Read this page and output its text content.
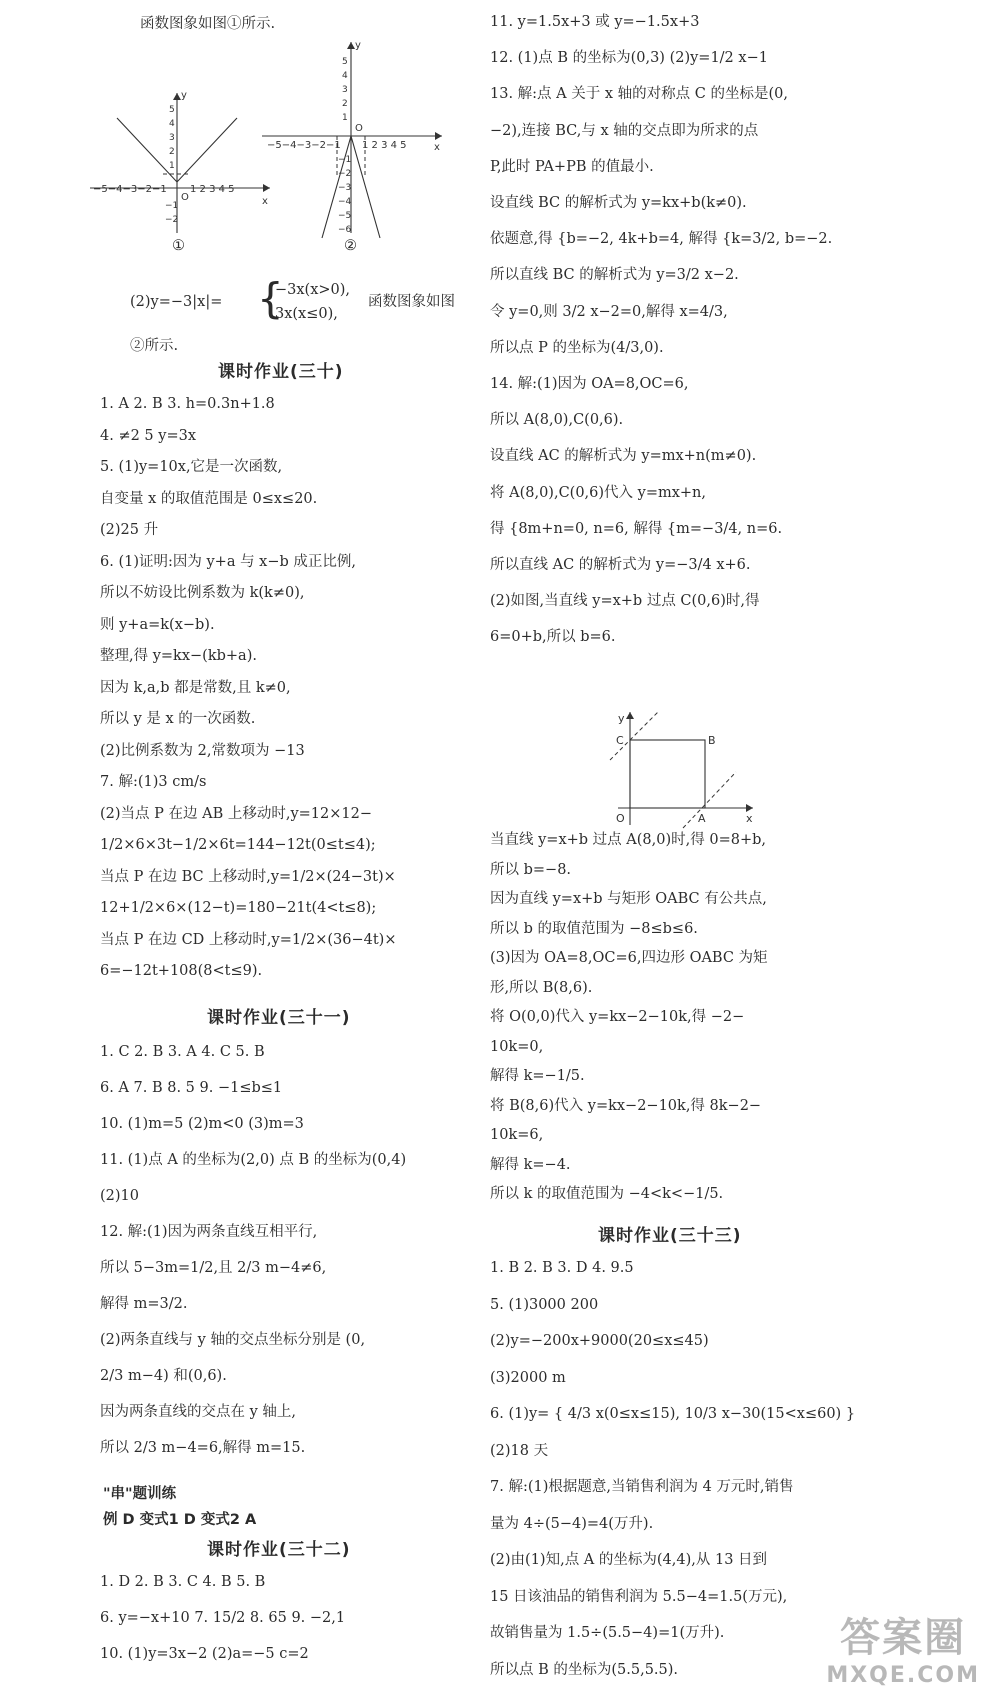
函数图象如图①所示.
x
y
−5−4−3−2−1
O
1 2 3 4 5
5
4
3
2
1
−1
−2
①
x
y
−5−4−3−2−1
O
1 2 3 4 5
5
4
3
2
1
−1
−2
−3
−4
−5
−6
②
(2)y=−3|x|= {
−3x(x>0),
3x(x≤0),
函数图象如图
②所示.
课时作业(三十)
1. A 2. B 3. h=0.3n+1.8
4. ≠2 5 y=3x
5. (1)y=10x,它是一次函数,
自变量 x 的取值范围是 0≤x≤20.
(2)25 升
6. (1)证明:因为 y+a 与 x−b 成正比例,
所以不妨设比例系数为 k(k≠0),
则 y+a=k(x−b).
整理,得 y=kx−(kb+a).
因为 k,a,b 都是常数,且 k≠0,
所以 y 是 x 的一次函数.
(2)比例系数为 2,常数项为 −13
7. 解:(1)3 cm/s
(2)当点 P 在边 AB 上移动时,y=12×12−
1/2×6×3t−1/2×6t=144−12t(0≤t≤4);
当点 P 在边 BC 上移动时,y=1/2×(24−3t)×
12+1/2×6×(12−t)=180−21t(4<t≤8);
当点 P 在边 CD 上移动时,y=1/2×(36−4t)×
6=−12t+108(8<t≤9).
课时作业(三十一)
1. C 2. B 3. A 4. C 5. B
6. A 7. B 8. 5 9. −1≤b≤1
10. (1)m=5 (2)m<0 (3)m=3
11. (1)点 A 的坐标为(2,0) 点 B 的坐标为(0,4)
(2)10
12. 解:(1)因为两条直线互相平行,
所以 5−3m=1/2,且 2/3 m−4≠6,
解得 m=3/2.
(2)两条直线与 y 轴的交点坐标分别是 (0,
2/3 m−4) 和(0,6).
因为两条直线的交点在 y 轴上,
所以 2/3 m−4=6,解得 m=15.
"串"题训练
例 D 变式1 D 变式2 A
课时作业(三十二)
1. D 2. B 3. C 4. B 5. B
6. y=−x+10 7. 15/2 8. 65 9. −2,1
10. (1)y=3x−2 (2)a=−5 c=2
11. y=1.5x+3 或 y=−1.5x+3
12. (1)点 B 的坐标为(0,3) (2)y=1/2 x−1
13. 解:点 A 关于 x 轴的对称点 C 的坐标是(0,
−2),连接 BC,与 x 轴的交点即为所求的点
P,此时 PA+PB 的值最小.
设直线 BC 的解析式为 y=kx+b(k≠0).
依题意,得 {b=−2, 4k+b=4, 解得 {k=3/2, b=−2.
所以直线 BC 的解析式为 y=3/2 x−2.
令 y=0,则 3/2 x−2=0,解得 x=4/3,
所以点 P 的坐标为(4/3,0).
14. 解:(1)因为 OA=8,OC=6,
所以 A(8,0),C(0,6).
设直线 AC 的解析式为 y=mx+n(m≠0).
将 A(8,0),C(0,6)代入 y=mx+n,
得 {8m+n=0, n=6, 解得 {m=−3/4, n=6.
所以直线 AC 的解析式为 y=−3/4 x+6.
(2)如图,当直线 y=x+b 过点 C(0,6)时,得
6=0+b,所以 b=6.
y
x
C	B
O	A
当直线 y=x+b 过点 A(8,0)时,得 0=8+b,
所以 b=−8.
因为直线 y=x+b 与矩形 OABC 有公共点,
所以 b 的取值范围为 −8≤b≤6.
(3)因为 OA=8,OC=6,四边形 OABC 为矩
形,所以 B(8,6).
将 O(0,0)代入 y=kx−2−10k,得 −2−
10k=0,
解得 k=−1/5.
将 B(8,6)代入 y=kx−2−10k,得 8k−2−
10k=6,
解得 k=−4.
所以 k 的取值范围为 −4<k<−1/5.
课时作业(三十三)
1. B 2. B 3. D 4. 9.5
5. (1)3000 200
(2)y=−200x+9000(20≤x≤45)
(3)2000 m
6. (1)y= { 4/3 x(0≤x≤15), 10/3 x−30(15<x≤60) }
(2)18 天
7. 解:(1)根据题意,当销售利润为 4 万元时,销售
量为 4÷(5−4)=4(万升).
(2)由(1)知,点 A 的坐标为(4,4),从 13 日到
15 日该油品的销售利润为 5.5−4=1.5(万元),
故销售量为 1.5÷(5.5−4)=1(万升).
所以点 B 的坐标为(5.5,5.5).
答案圈
MXQE.COM
